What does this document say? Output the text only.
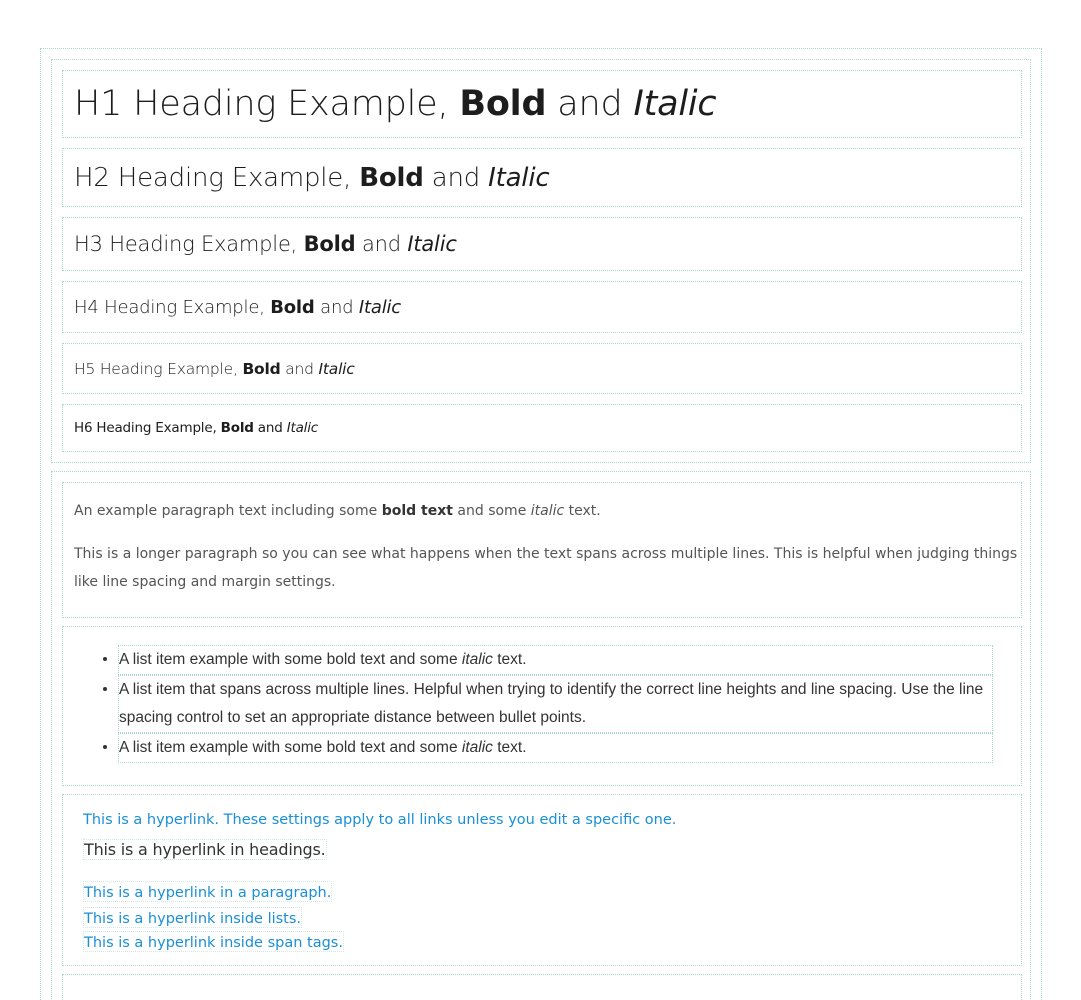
H1 Heading Example, Bold and Italic
H2 Heading Example, Bold and Italic
H3 Heading Example, Bold and Italic
H4 Heading Example, Bold and Italic
H5 Heading Example, Bold and Italic
H6 Heading Example, Bold and Italic

An example paragraph text including some bold text and some italic text.

This is a longer paragraph so you can see what happens when the text spans across multiple lines. This is helpful when judging things like line spacing and margin settings.

• A list item example with some bold text and some italic text.
• A list item that spans across multiple lines. Helpful when trying to identify the correct line heights and line spacing. Use the line spacing control to set an appropriate distance between bullet points.
• A list item example with some bold text and some italic text.
This is a hyperlink. These settings apply to all links unless you edit a specific one.
This is a hyperlink in headings.
This is a hyperlink in a paragraph.
This is a hyperlink inside lists.
This is a hyperlink inside span tags.
